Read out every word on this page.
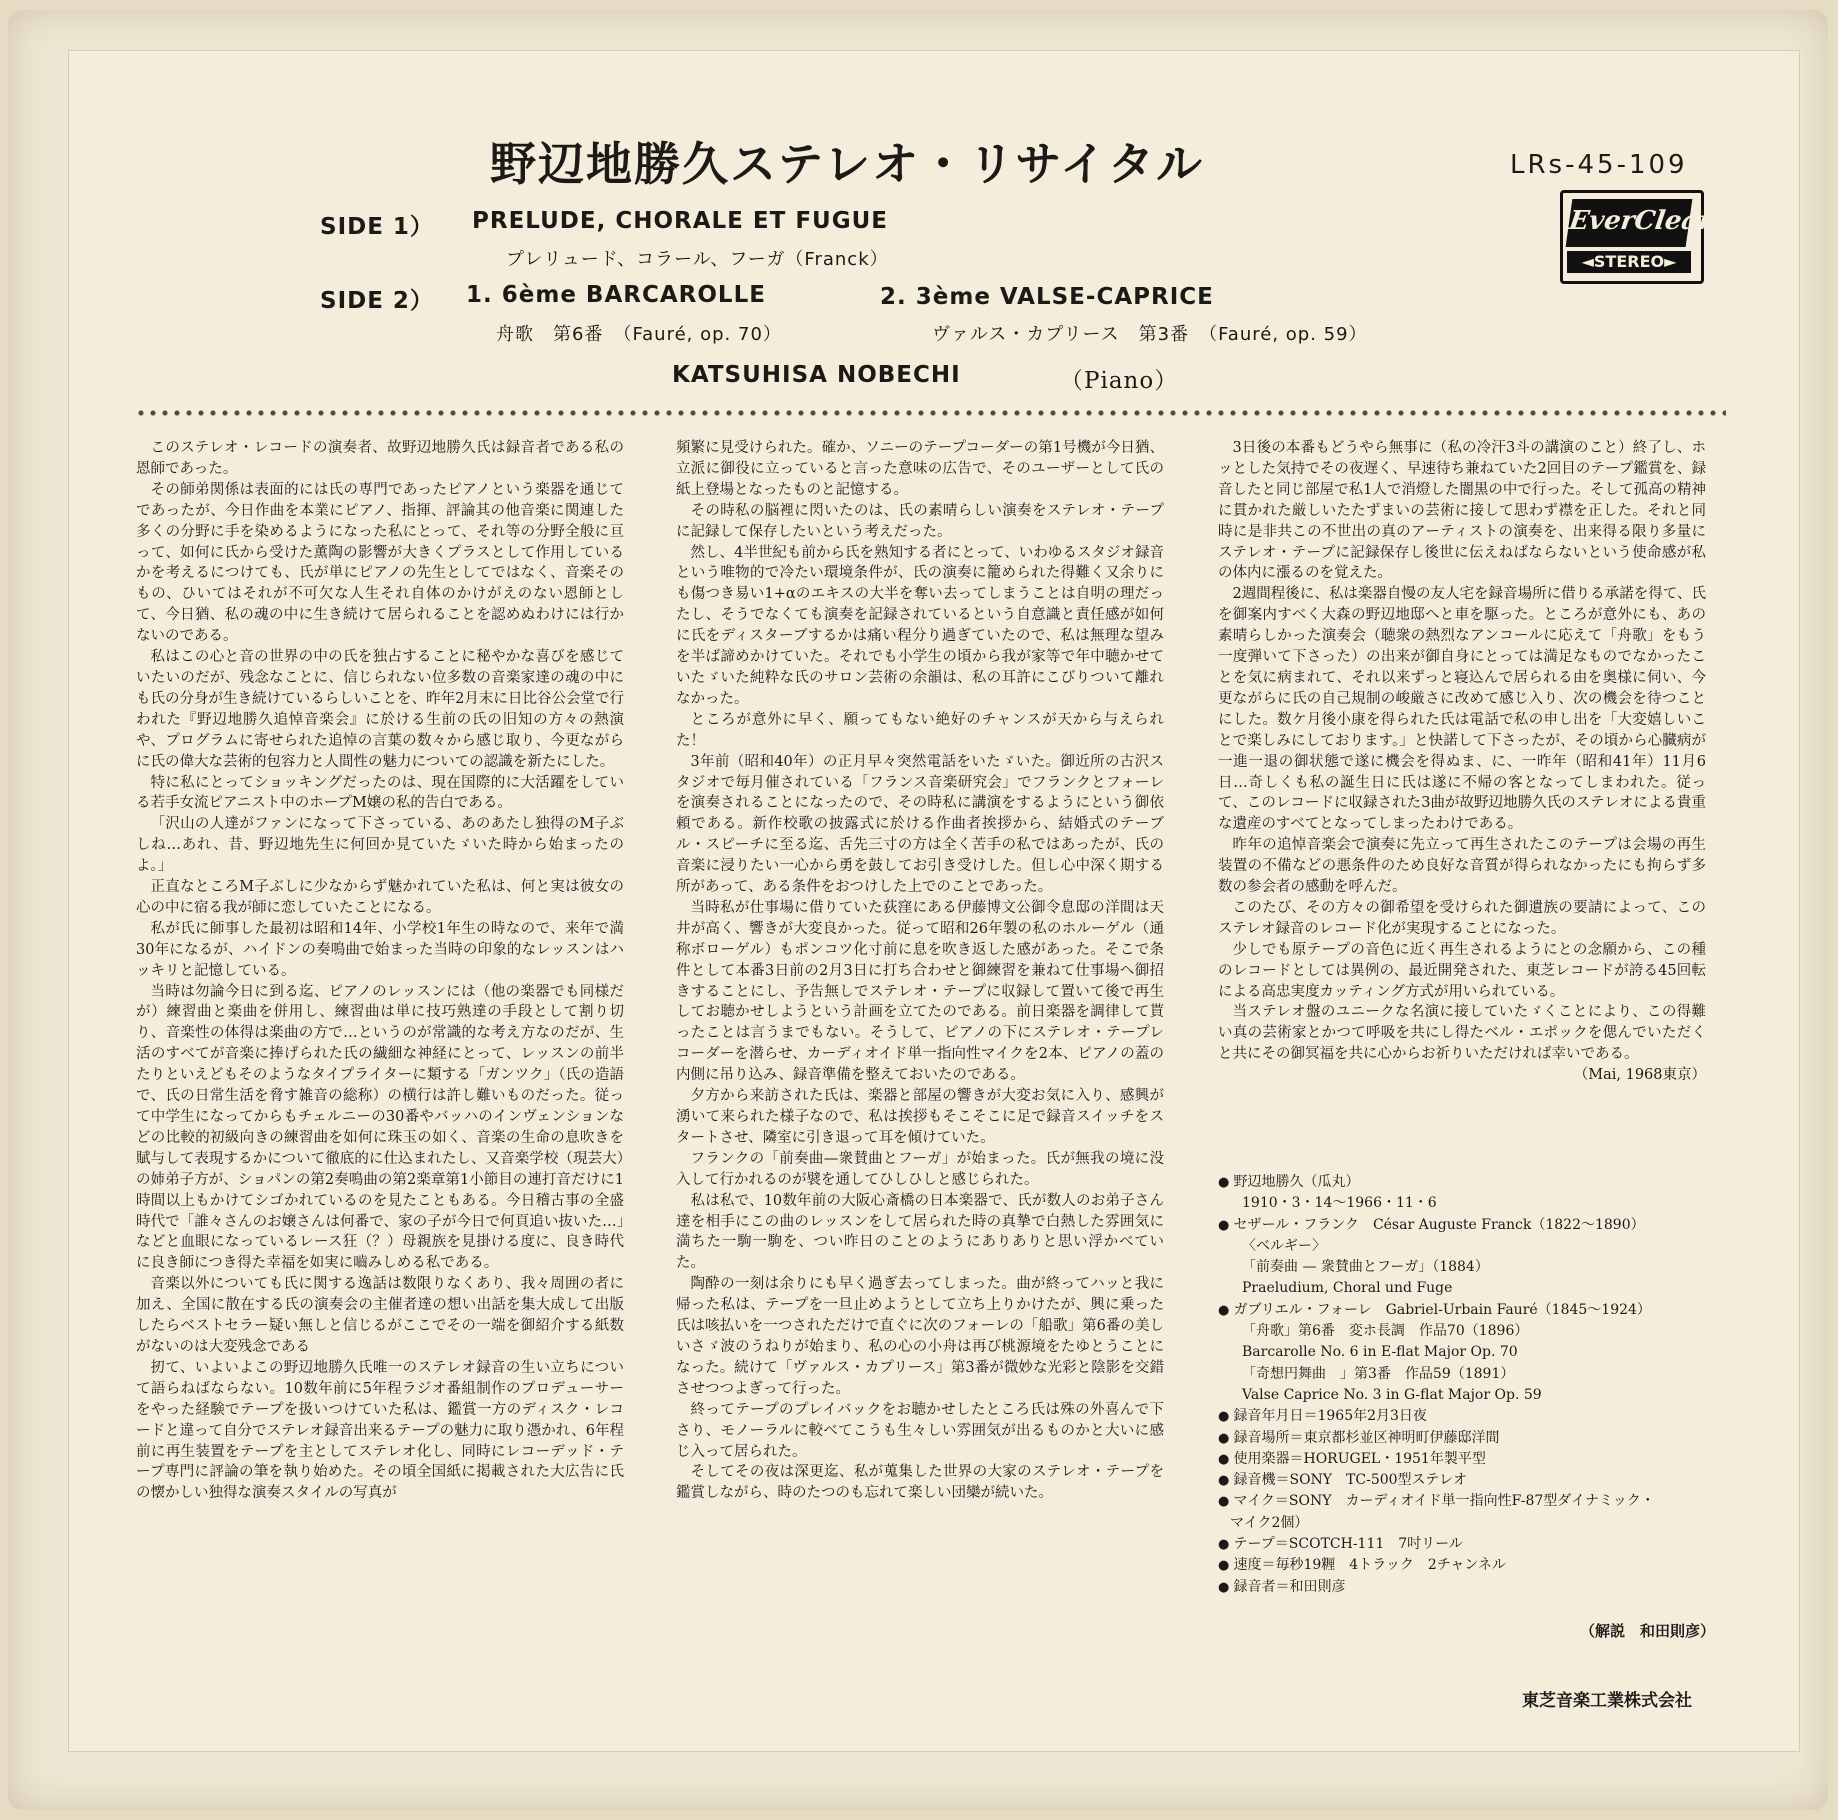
野辺地勝久ステレオ・リサイタル	LRs-45-109
EverClean
◄STEREO►
SIDE 1） PRELUDE, CHORALE ET FUGUE
プレリュード、コラール、フーガ（Franck）
SIDE 2） 1. 6ème BARCAROLLE	2. 3ème VALSE-CAPRICE
舟歌　第6番　（Fauré, op. 70）	ヴァルス・カプリース　第3番　（Fauré, op. 59）
KATSUHISA NOBECHI	（Piano）

このステレオ・レコードの演奏者、故野辺地勝久氏は録音者である私の恩師であった。

その師弟関係は表面的には氏の専門であったピアノという楽器を通じてであったが、今日作曲を本業にピアノ、指揮、評論其の他音楽に関連した多くの分野に手を染めるようになった私にとって、それ等の分野全般に亘って、如何に氏から受けた薫陶の影響が大きくプラスとして作用しているかを考えるにつけても、氏が単にピアノの先生としてではなく、音楽そのもの、ひいてはそれが不可欠な人生それ自体のかけがえのない恩師として、今日猶、私の魂の中に生き続けて居られることを認めぬわけには行かないのである。

私はこの心と音の世界の中の氏を独占することに秘やかな喜びを感じていたいのだが、残念なことに、信じられない位多数の音楽家達の魂の中にも氏の分身が生き続けているらしいことを、昨年2月末に日比谷公会堂で行われた『野辺地勝久追悼音楽会』に於ける生前の氏の旧知の方々の熱演や、プログラムに寄せられた追悼の言葉の数々から感じ取り、今更ながらに氏の偉大な芸術的包容力と人間性の魅力についての認識を新たにした。

特に私にとってショッキングだったのは、現在国際的に大活躍をしている若手女流ピアニスト中のホープM嬢の私的告白である。

「沢山の人達がファンになって下さっている、あのあたし独得のM子ぶしね…あれ、昔、野辺地先生に何回か見ていたゞいた時から始まったのよ。」

正直なところM子ぶしに少なからず魅かれていた私は、何と実は彼女の心の中に宿る我が師に恋していたことになる。

私が氏に師事した最初は昭和14年、小学校1年生の時なので、来年で満30年になるが、ハイドンの奏鳴曲で始まった当時の印象的なレッスンはハッキリと記憶している。

当時は勿論今日に到る迄、ピアノのレッスンには（他の楽器でも同様だが）練習曲と楽曲を併用し、練習曲は単に技巧熟達の手段として割り切り、音楽性の体得は楽曲の方で…というのが常識的な考え方なのだが、生活のすべてが音楽に捧げられた氏の繊細な神経にとって、レッスンの前半たりといえどもそのようなタイプライターに類する「ガンツク」（氏の造語で、氏の日常生活を脅す雑音の総称）の横行は許し難いものだった。従って中学生になってからもチェルニーの30番やバッハのインヴェンションなどの比較的初級向きの練習曲を如何に珠玉の如く、音楽の生命の息吹きを賦与して表現するかについて徹底的に仕込まれたし、又音楽学校（現芸大）の姉弟子方が、ショパンの第2奏鳴曲の第2楽章第1小節目の連打音だけに1時間以上もかけてシゴかれているのを見たこともある。今日稽古事の全盛時代で「誰々さんのお嬢さんは何番で、家の子が今日で何頁追い抜いた…」などと血眼になっているレース狂（？）母親族を見掛ける度に、良き時代に良き師につき得た幸福を如実に嚙みしめる私である。

音楽以外についても氏に関する逸話は数限りなくあり、我々周囲の者に加え、全国に散在する氏の演奏会の主催者達の想い出話を集大成して出版したらベストセラー疑い無しと信じるがここでその一端を御紹介する紙数がないのは大変残念である

扨て、いよいよこの野辺地勝久氏唯一のステレオ録音の生い立ちについて語らねばならない。10数年前に5年程ラジオ番組制作のプロデューサーをやった経験でテープを扱いつけていた私は、鑑賞一方のディスク・レコードと違って自分でステレオ録音出来るテープの魅力に取り憑かれ、6年程前に再生装置をテープを主としてステレオ化し、同時にレコーデッド・テープ専門に評論の筆を執り始めた。その頃全国紙に掲載された大広告に氏の懐かしい独得な演奏スタイルの写真が

頻繁に見受けられた。確か、ソニーのテープコーダーの第1号機が今日猶、立派に御役に立っていると言った意味の広告で、そのユーザーとして氏の紙上登場となったものと記憶する。

その時私の脳裡に閃いたのは、氏の素晴らしい演奏をステレオ・テープに記録して保存したいという考えだった。

然し、4半世紀も前から氏を熟知する者にとって、いわゆるスタジオ録音という唯物的で冷たい環境条件が、氏の演奏に籠められた得難く又余りにも傷つき易い1+αのエキスの大半を奪い去ってしまうことは自明の理だったし、そうでなくても演奏を記録されているという自意識と責任感が如何に氏をディスターブするかは痛い程分り過ぎていたので、私は無理な望みを半ば諦めかけていた。それでも小学生の頃から我が家等で年中聴かせていたゞいた純粋な氏のサロン芸術の余韻は、私の耳許にこびりついて離れなかった。

ところが意外に早く、願ってもない絶好のチャンスが天から与えられた！

3年前（昭和40年）の正月早々突然電話をいたゞいた。御近所の古沢スタジオで毎月催されている「フランス音楽研究会」でフランクとフォーレを演奏されることになったので、その時私に講演をするようにという御依頼である。新作校歌の披露式に於ける作曲者挨拶から、結婚式のテーブル・スピーチに至る迄、舌先三寸の方は全く苦手の私ではあったが、氏の音楽に浸りたい一心から勇を鼓してお引き受けした。但し心中深く期する所があって、ある条件をおつけした上でのことであった。

当時私が仕事場に借りていた荻窪にある伊藤博文公御令息邸の洋間は天井が高く、響きが大変良かった。従って昭和26年製の私のホルーゲル（通称ボローゲル）もポンコツ化寸前に息を吹き返した感があった。そこで条件として本番3日前の2月3日に打ち合わせと御練習を兼ねて仕事場へ御招きすることにし、予告無しでステレオ・テープに収録して置いて後で再生してお聴かせしようという計画を立てたのである。前日楽器を調律して貰ったことは言うまでもない。そうして、ピアノの下にステレオ・テープレコーダーを潜らせ、カーディオイド単一指向性マイクを2本、ピアノの蓋の内側に吊り込み、録音準備を整えておいたのである。

夕方から来訪された氏は、楽器と部屋の響きが大変お気に入り、感興が湧いて来られた様子なので、私は挨拶もそこそこに足で録音スイッチをスタートさせ、隣室に引き退って耳を傾けていた。

フランクの「前奏曲—衆賛曲とフーガ」が始まった。氏が無我の境に没入して行かれるのが襞を通してひしひしと感じられた。

私は私で、10数年前の大阪心斎橋の日本楽器で、氏が数人のお弟子さん達を相手にこの曲のレッスンをして居られた時の真摯で白熱した雰囲気に満ちた一駒一駒を、つい昨日のことのようにありありと思い浮かべていた。

陶酔の一刻は余りにも早く過ぎ去ってしまった。曲が終ってハッと我に帰った私は、テープを一旦止めようとして立ち上りかけたが、興に乗った氏は咳払いを一つされただけで直ぐに次のフォーレの「船歌」第6番の美しいさゞ波のうねりが始まり、私の心の小舟は再び桃源境をたゆとうことになった。続けて「ヴァルス・カプリース」第3番が微妙な光彩と陰影を交錯させつつよぎって行った。

終ってテープのプレイバックをお聴かせしたところ氏は殊の外喜んで下さり、モノーラルに較べてこうも生々しい雰囲気が出るものかと大いに感じ入って居られた。

そしてその夜は深更迄、私が蒐集した世界の大家のステレオ・テープを鑑賞しながら、時のたつのも忘れて楽しい団欒が続いた。

3日後の本番もどうやら無事に（私の冷汗3斗の講演のこと）終了し、ホッとした気持でその夜遅く、早速待ち兼ねていた2回目のテープ鑑賞を、録音したと同じ部屋で私1人で消燈した闇黒の中で行った。そして孤高の精神に貫かれた厳しいたたずまいの芸術に接して思わず襟を正した。それと同時に是非共この不世出の真のアーティストの演奏を、出来得る限り多量にステレオ・テープに記録保存し後世に伝えねばならないという使命感が私の体内に漲るのを覚えた。

2週間程後に、私は楽器自慢の友人宅を録音場所に借りる承諾を得て、氏を御案内すべく大森の野辺地邸へと車を駆った。ところが意外にも、あの素晴らしかった演奏会（聴衆の熱烈なアンコールに応えて「舟歌」をもう一度弾いて下さった）の出来が御自身にとっては満足なものでなかったことを気に病まれて、それ以来ずっと寝込んで居られる由を奥様に伺い、今更ながらに氏の自己規制の峻厳さに改めて感じ入り、次の機会を待つことにした。数ケ月後小康を得られた氏は電話で私の申し出を「大変嬉しいことで楽しみにしております。」と快諾して下さったが、その頃から心臓病が一進一退の御状態で遂に機会を得ぬま、に、一昨年（昭和41年）11月6日…奇しくも私の誕生日に氏は遂に不帰の客となってしまわれた。従って、このレコードに収録された3曲が故野辺地勝久氏のステレオによる貴重な遺産のすべてとなってしまったわけである。

昨年の追悼音楽会で演奏に先立って再生されたこのテープは会場の再生装置の不備などの悪条件のため良好な音質が得られなかったにも拘らず多数の参会者の感動を呼んだ。

このたび、その方々の御希望を受けられた御遺族の要請によって、このステレオ録音のレコード化が実現することになった。

少しでも原テープの音色に近く再生されるようにとの念願から、この種のレコードとしては異例の、最近開発された、東芝レコードが誇る45回転による高忠実度カッティング方式が用いられている。

当ステレオ盤のユニークな名演に接していたゞくことにより、この得難い真の芸術家とかつて呼吸を共にし得たベル・エポックを偲んでいただくと共にその御冥福を共に心からお祈りいただければ幸いである。

（Mai, 1968東京）

● 野辺地勝久（瓜丸）
1910・3・14〜1966・11・6
● セザール・フランク　 César Auguste Franck（1822〜1890）
〈ベルギー〉
「前奏曲 — 衆賛曲とフーガ」（1884）
Praeludium, Choral und Fuge
● ガブリエル・フォーレ　 Gabriel-Urbain Fauré（1845〜1924）
「舟歌」第6番　変ホ長調　作品70（1896）
Barcarolle No. 6 in E-flat Major Op. 70
「奇想円舞曲　」第3番　作品59（1891）
Valse Caprice No. 3 in G-flat Major Op. 59
● 録音年月日＝1965年2月3日夜
● 録音場所＝東京都杉並区神明町伊藤邸洋間
● 使用楽器＝HORUGEL・1951年製平型
● 録音機＝SONY　TC-500型ステレオ
● マイク＝SONY　カーディオイド単一指向性F-87型ダイナミック・
マイク2個）
● テープ＝SCOTCH-111　7吋リール
● 速度＝毎秒19糎　4トラック　2チャンネル
● 録音者＝和田則彦
（解説　和田則彦）
東芝音楽工業株式会社
